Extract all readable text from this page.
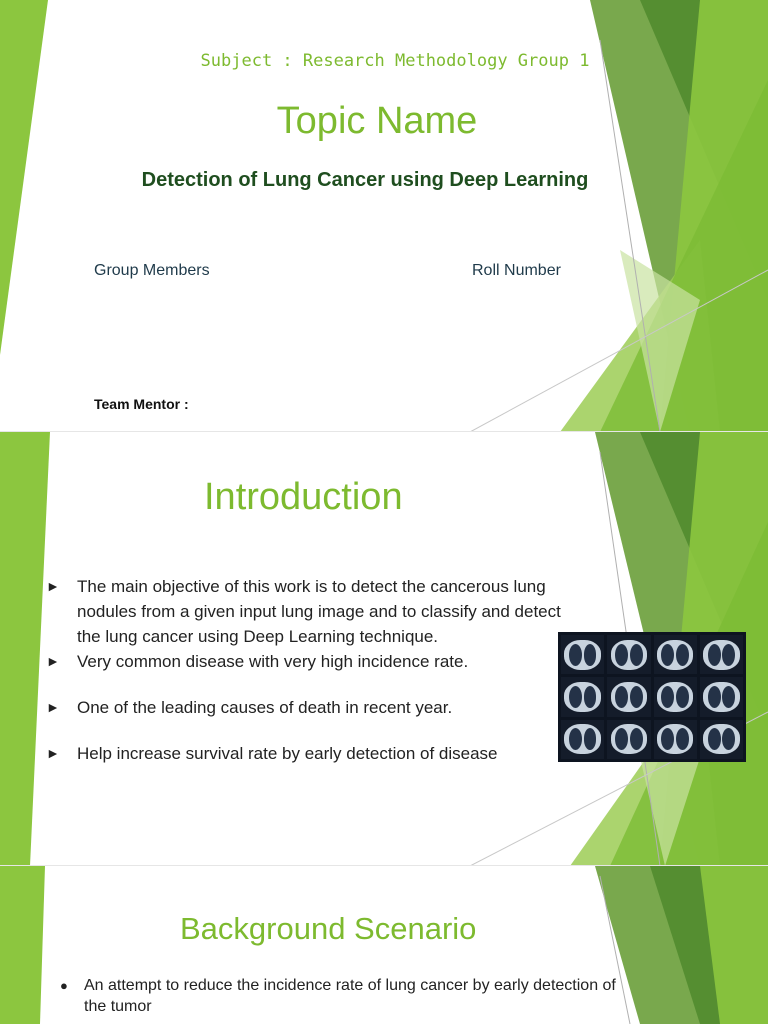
Subject : Research Methodology Group 1
Topic Name
Detection of Lung Cancer using Deep Learning
Group Members	Roll Number
Team Mentor :
Introduction
► The main objective of this work is to detect the cancerous lung nodules from a given input lung image and to classify and detect the lung cancer using Deep Learning technique.
► Very common disease with very high incidence rate.
► One of the leading causes of death in recent year.
► Help increase survival rate by early detection of disease
Background Scenario
● An attempt to reduce the incidence rate of lung cancer by early detection of the tumor
